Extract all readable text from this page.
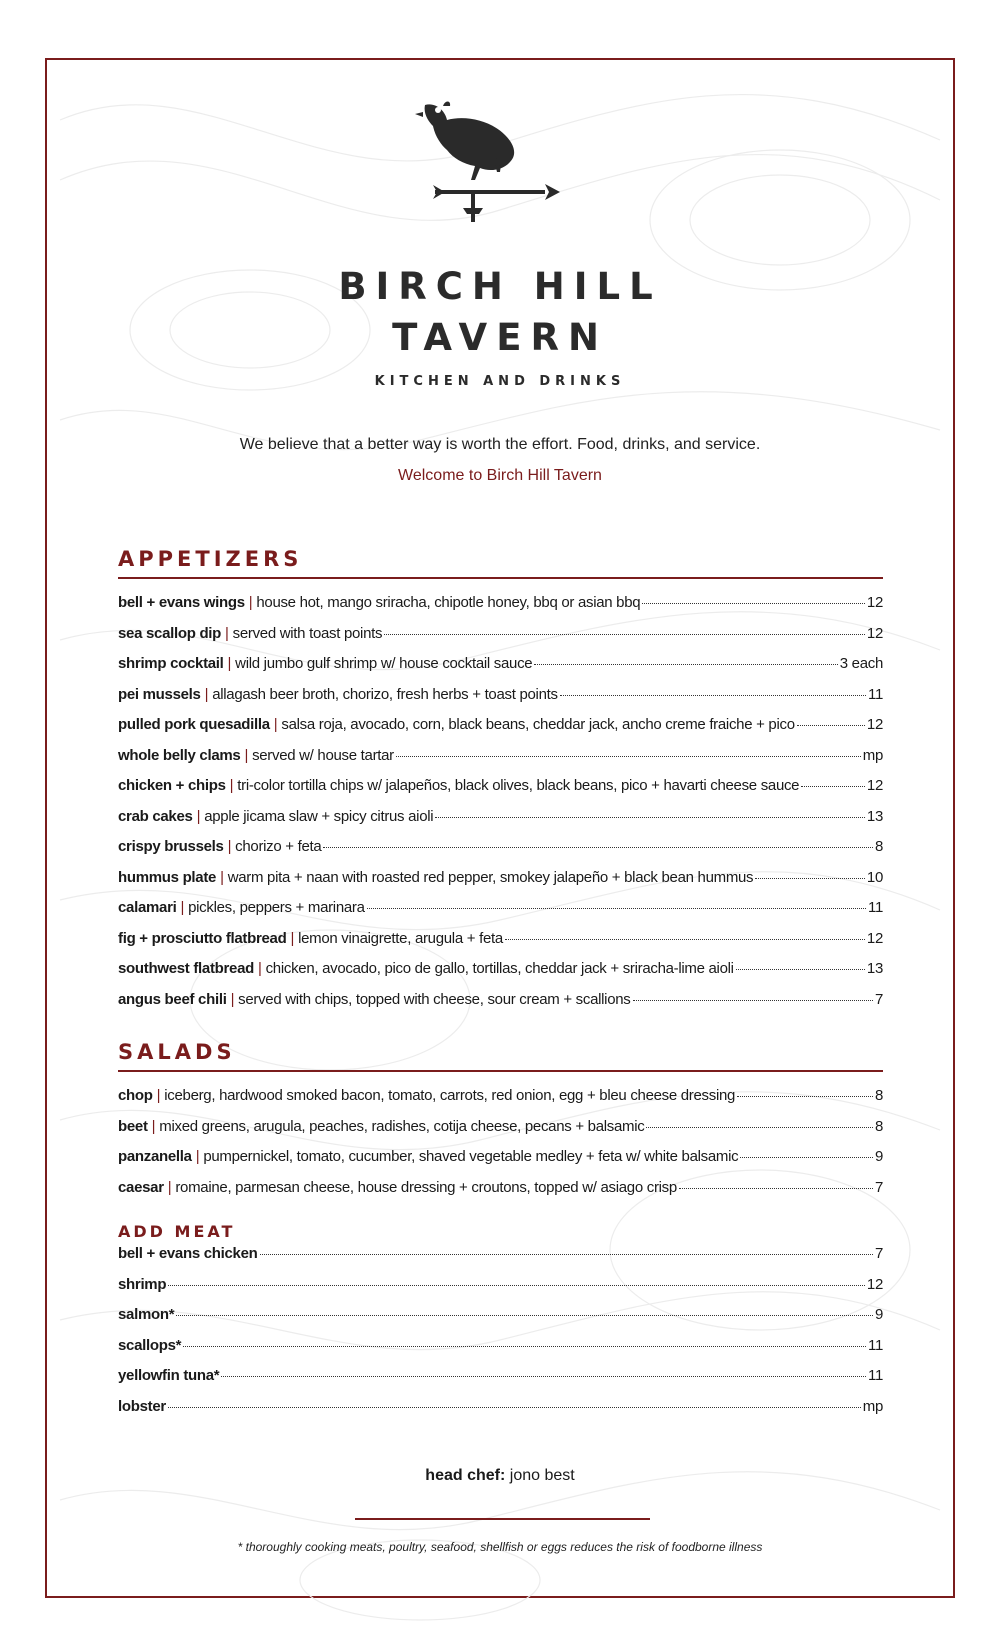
BIRCH HILL
TAVERN
KITCHEN AND DRINKS
We believe that a better way is worth the effort. Food, drinks, and service.
Welcome to Birch Hill Tavern
APPETIZERS
bell + evans wings | house hot, mango sriracha, chipotle honey, bbq or asian bbq	12
sea scallop dip | served with toast points	12
shrimp cocktail | wild jumbo gulf shrimp w/ house cocktail sauce	3 each
pei mussels | allagash beer broth, chorizo, fresh herbs + toast points	11
pulled pork quesadilla | salsa roja, avocado, corn, black beans, cheddar jack, ancho creme fraiche + pico	12
whole belly clams | served w/ house tartar	mp
chicken + chips | tri-color tortilla chips w/ jalapeños, black olives, black beans, pico + havarti cheese sauce	12
crab cakes | apple jicama slaw + spicy citrus aioli	13
crispy brussels | chorizo + feta	8
hummus plate | warm pita + naan with roasted red pepper, smokey jalapeño + black bean hummus	10
calamari | pickles, peppers + marinara	11
fig + prosciutto flatbread | lemon vinaigrette, arugula + feta	12
southwest flatbread | chicken, avocado, pico de gallo, tortillas, cheddar jack + sriracha-lime aioli	13
angus beef chili | served with chips, topped with cheese, sour cream + scallions	7
SALADS
chop | iceberg, hardwood smoked bacon, tomato, carrots, red onion, egg + bleu cheese dressing	8
beet | mixed greens, arugula, peaches, radishes, cotija cheese, pecans + balsamic	8
panzanella | pumpernickel, tomato, cucumber, shaved vegetable medley + feta w/ white balsamic	9
caesar | romaine, parmesan cheese, house dressing + croutons, topped w/ asiago crisp	7
ADD MEAT
bell + evans chicken	7
shrimp	12
salmon*	9
scallops*	11
yellowfin tuna*	11
lobster	mp
head chef: jono best
* thoroughly cooking meats, poultry, seafood, shellfish or eggs reduces the risk of foodborne illness
